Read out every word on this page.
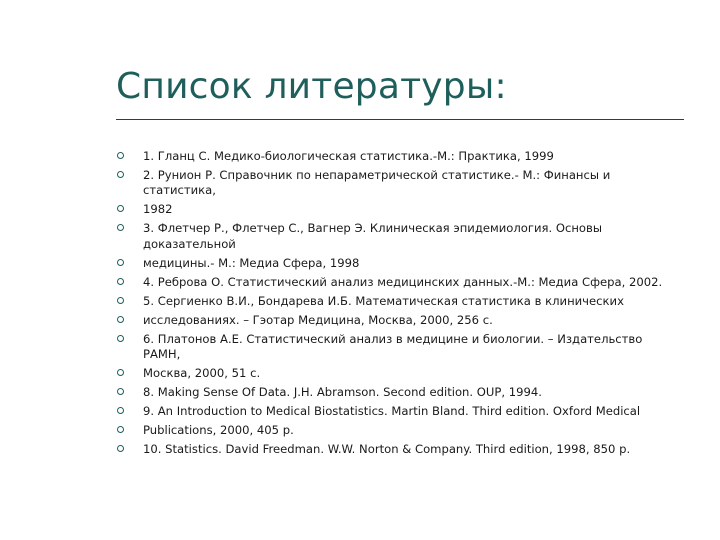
Список литературы:
1. Гланц С. Медико-биологическая статистика.-М.: Практика, 1999
2. Рунион Р. Справочник по непараметрической статистике.- М.: Финансы и
статистика,
1982
3. Флетчер Р., Флетчер С., Вагнер Э. Клиническая эпидемиология. Основы
доказательной
медицины.- М.: Медиа Сфера, 1998
4. Реброва О. Статистический анализ медицинских данных.-М.: Медиа Сфера, 2002.
5. Сергиенко В.И., Бондарева И.Б. Математическая статистика в клинических
исследованиях. – Гэотар Медицина, Москва, 2000, 256 с.
6. Платонов А.Е. Статистический анализ в медицине и биологии. – Издательство
РАМН,
Москва, 2000, 51 с.
8. Making Sense Of Data. J.H. Abramson. Second edition. OUP, 1994.
9. An Introduction to Medical Biostatistics. Martin Bland. Third edition. Oxford Medical
Publications, 2000, 405 p.
10. Statistics. David Freedman. W.W. Norton & Company. Third edition, 1998, 850 p.
